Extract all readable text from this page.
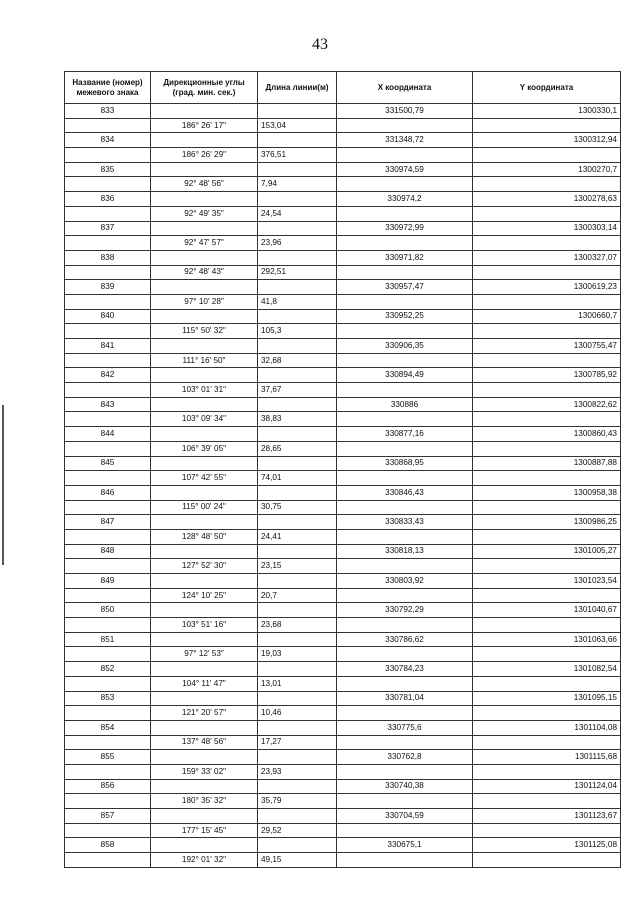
43
Название (номер) межевого знака	Дирекционные углы (град. мин. сек.)	Длина линии(м)	X координата	Y координата
833			331500,79	1300330,1
	186° 26' 17"	153,04		
834			331348,72	1300312,94
	186° 26' 29"	376,51		
835			330974,59	1300270,7
	92° 48' 56"	7,94		
836			330974,2	1300278,63
	92° 49' 35"	24,54		
837			330972,99	1300303,14
	92° 47' 57"	23,96		
838			330971,82	1300327,07
	92° 48' 43"	292,51		
839			330957,47	1300619,23
	97° 10' 28"	41,8		
840			330952,25	1300660,7
	115° 50' 32"	105,3		
841			330906,35	1300755,47
	111° 16' 50"	32,68		
842			330894,49	1300785,92
	103° 01' 31"	37,67		
843			330886	1300822,62
	103° 09' 34"	38,83		
844			330877,16	1300860,43
	106° 39' 05"	28,65		
845			330868,95	1300887,88
	107° 42' 55"	74,01		
846			330846,43	1300958,38
	115° 00' 24"	30,75		
847			330833,43	1300986,25
	128° 48' 50"	24,41		
848			330818,13	1301005,27
	127° 52' 30"	23,15		
849			330803,92	1301023,54
	124° 10' 25"	20,7		
850			330792,29	1301040,67
	103° 51' 16"	23,68		
851			330786,62	1301063,66
	97° 12' 53"	19,03		
852			330784,23	1301082,54
	104° 11' 47"	13,01		
853			330781,04	1301095,15
	121° 20' 57"	10,46		
854			330775,6	1301104,08
	137° 48' 56"	17,27		
855			330762,8	1301115,68
	159° 33' 02"	23,93		
856			330740,38	1301124,04
	180° 35' 32"	35,79		
857			330704,59	1301123,67
	177° 15' 45"	29,52		
858			330675,1	1301125,08
	192° 01' 32"	49,15		
